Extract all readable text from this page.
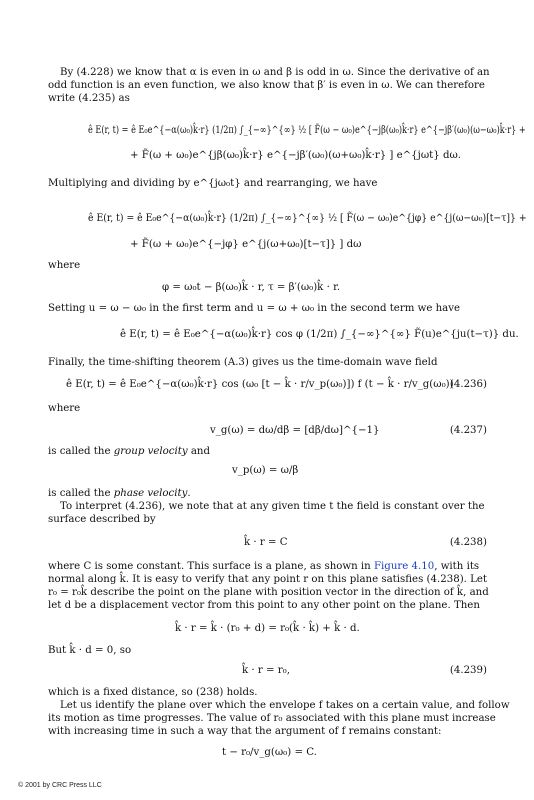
By (4.228) we know that α is even in ω and β is odd in ω. Since the derivative of an
odd function is an even function, we also know that β′ is even in ω. We can therefore
write (4.235) as
ê E(r, t) = ê E₀e^{−α(ω₀)k̂·r} (1/2π) ∫_{−∞}^{∞} ½ [ F̃(ω − ω₀)e^{−jβ(ω₀)k̂·r} e^{−jβ′(ω₀)(ω−ω₀)k̂·r} +
+ F̃(ω + ω₀)e^{jβ(ω₀)k̂·r} e^{−jβ′(ω₀)(ω+ω₀)k̂·r} ] e^{jωt} dω.
Multiplying and dividing by e^{jω₀t} and rearranging, we have
ê E(r, t) = ê E₀e^{−α(ω₀)k̂·r} (1/2π) ∫_{−∞}^{∞} ½ [ F̃(ω − ω₀)e^{jφ} e^{j(ω−ω₀)[t−τ]} +
+ F̃(ω + ω₀)e^{−jφ} e^{j(ω+ω₀)[t−τ]} ] dω
where
φ = ω₀t − β(ω₀)k̂ · r, τ = β′(ω₀)k̂ · r.
Setting u = ω − ω₀ in the first term and u = ω + ω₀ in the second term we have
ê E(r, t) = ê E₀e^{−α(ω₀)k̂·r} cos φ (1/2π) ∫_{−∞}^{∞} F̃(u)e^{ju(t−τ)} du.
Finally, the time-shifting theorem (A.3) gives us the time-domain wave field
ê E(r, t) = ê E₀e^{−α(ω₀)k̂·r} cos (ω₀ [t − k̂ · r/v_p(ω₀)]) f (t − k̂ · r/v_g(ω₀))
(4.236)
where
v_g(ω) = dω/dβ = [dβ/dω]^{−1}	(4.237)
is called the group velocity and
v_p(ω) = ω/β
is called the phase velocity.
To interpret (4.236), we note that at any given time t the field is constant over the
surface described by
k̂ · r = C	(4.238)
where C is some constant. This surface is a plane, as shown in Figure 4.10, with its
normal along k̂. It is easy to verify that any point r on this plane satisfies (4.238). Let
r₀ = r₀k̂ describe the point on the plane with position vector in the direction of k̂, and
let d be a displacement vector from this point to any other point on the plane. Then
k̂ · r = k̂ · (r₀ + d) = r₀(k̂ · k̂) + k̂ · d.
But k̂ · d = 0, so
k̂ · r = r₀,	(4.239)
which is a fixed distance, so (238) holds.
Let us identify the plane over which the envelope f takes on a certain value, and follow
its motion as time progresses. The value of r₀ associated with this plane must increase
with increasing time in such a way that the argument of f remains constant:
t − r₀/v_g(ω₀) = C.
© 2001 by CRC Press LLC
